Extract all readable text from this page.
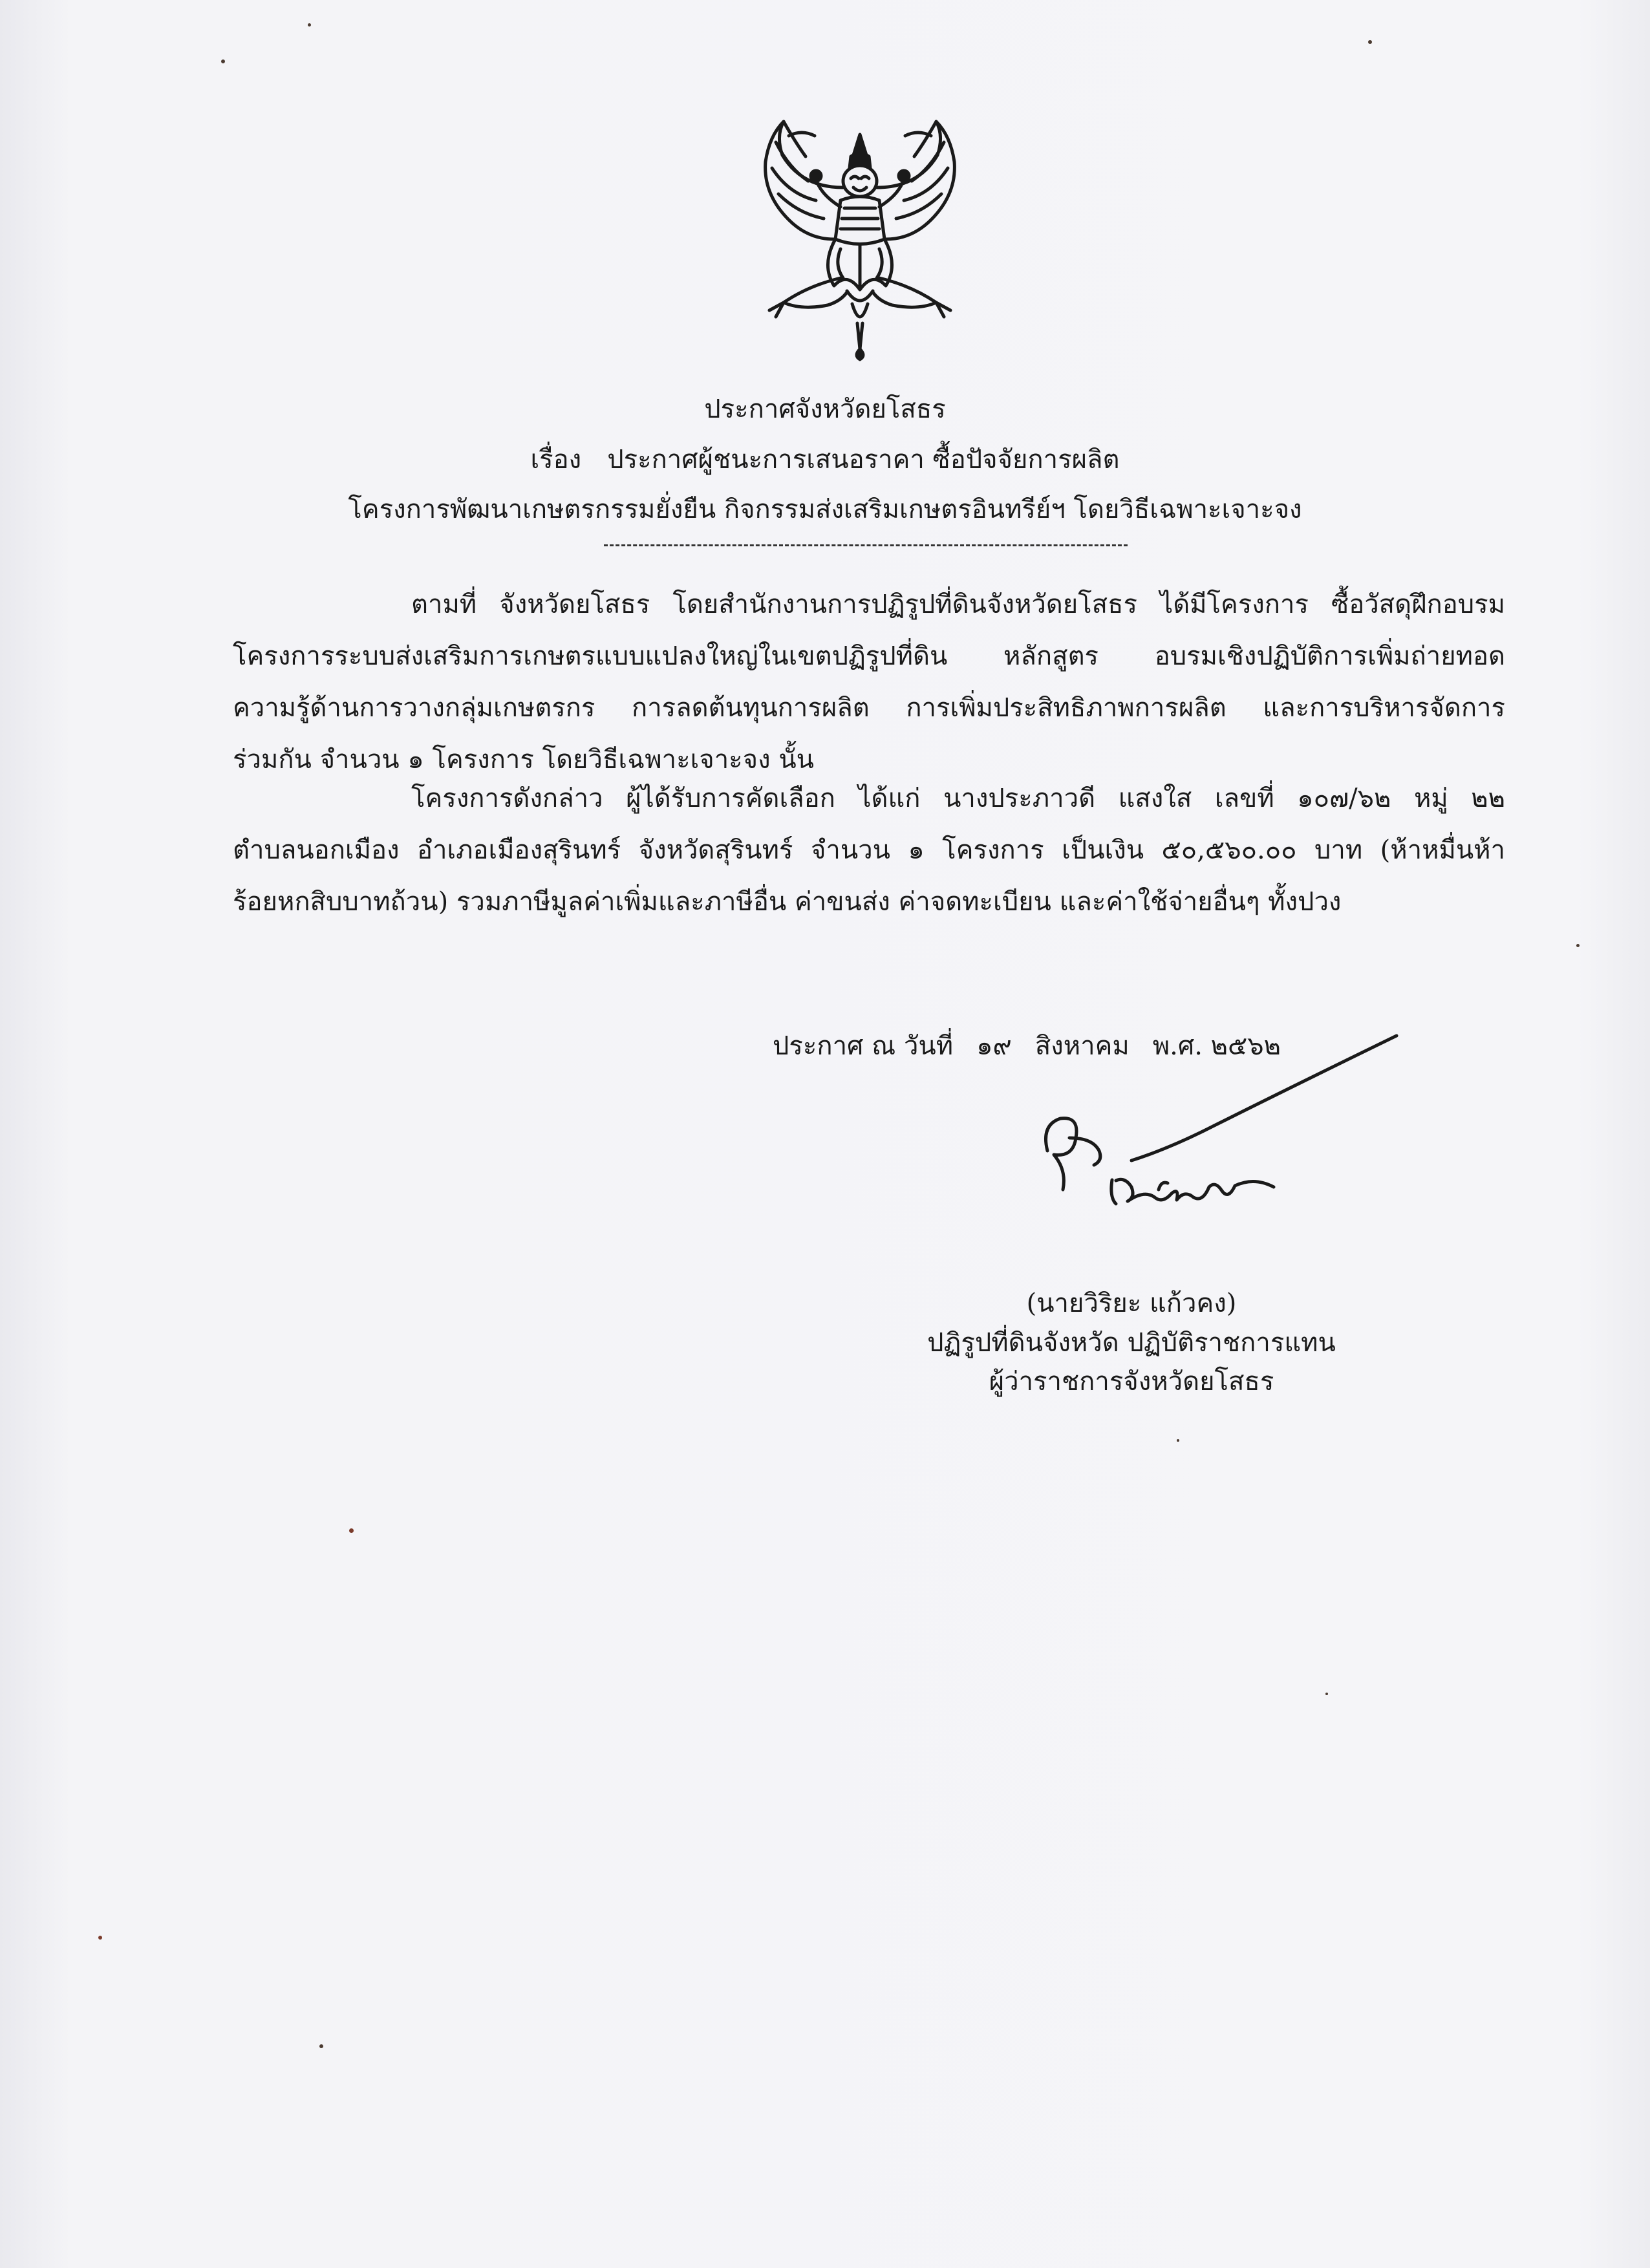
ประกาศจังหวัดยโสธร
เรื่อง ประกาศผู้ชนะการเสนอราคา ซื้อปัจจัยการผลิต
โครงการพัฒนาเกษตรกรรมยั่งยืน กิจกรรมส่งเสริมเกษตรอินทรีย์ฯ โดยวิธีเฉพาะเจาะจง
ตามที่ จังหวัดยโสธร โดยสำนักงานการปฏิรูปที่ดินจังหวัดยโสธร ได้มีโครงการ ซื้อวัสดุฝึกอบรม
โครงการระบบส่งเสริมการเกษตรแบบแปลงใหญ่ในเขตปฏิรูปที่ดิน หลักสูตร อบรมเชิงปฏิบัติการเพิ่มถ่ายทอด
ความรู้ด้านการวางกลุ่มเกษตรกร การลดต้นทุนการผลิต การเพิ่มประสิทธิภาพการผลิต และการบริหารจัดการ
ร่วมกัน จำนวน ๑ โครงการ โดยวิธีเฉพาะเจาะจง นั้น
โครงการดังกล่าว ผู้ได้รับการคัดเลือก ได้แก่ นางประภาวดี แสงใส เลขที่ ๑๐๗/๖๒ หมู่ ๒๒
ตำบลนอกเมือง อำเภอเมืองสุรินทร์ จังหวัดสุรินทร์ จำนวน ๑ โครงการ เป็นเงิน ๕๐,๕๖๐.๐๐ บาท (ห้าหมื่นห้า
ร้อยหกสิบบาทถ้วน) รวมภาษีมูลค่าเพิ่มและภาษีอื่น ค่าขนส่ง ค่าจดทะเบียน และค่าใช้จ่ายอื่นๆ ทั้งปวง
ประกาศ ณ วันที่ ๑๙ สิงหาคม พ.ศ. ๒๕๖๒
(นายวิริยะ แก้วคง)
ปฏิรูปที่ดินจังหวัด ปฏิบัติราชการแทน
ผู้ว่าราชการจังหวัดยโสธร
